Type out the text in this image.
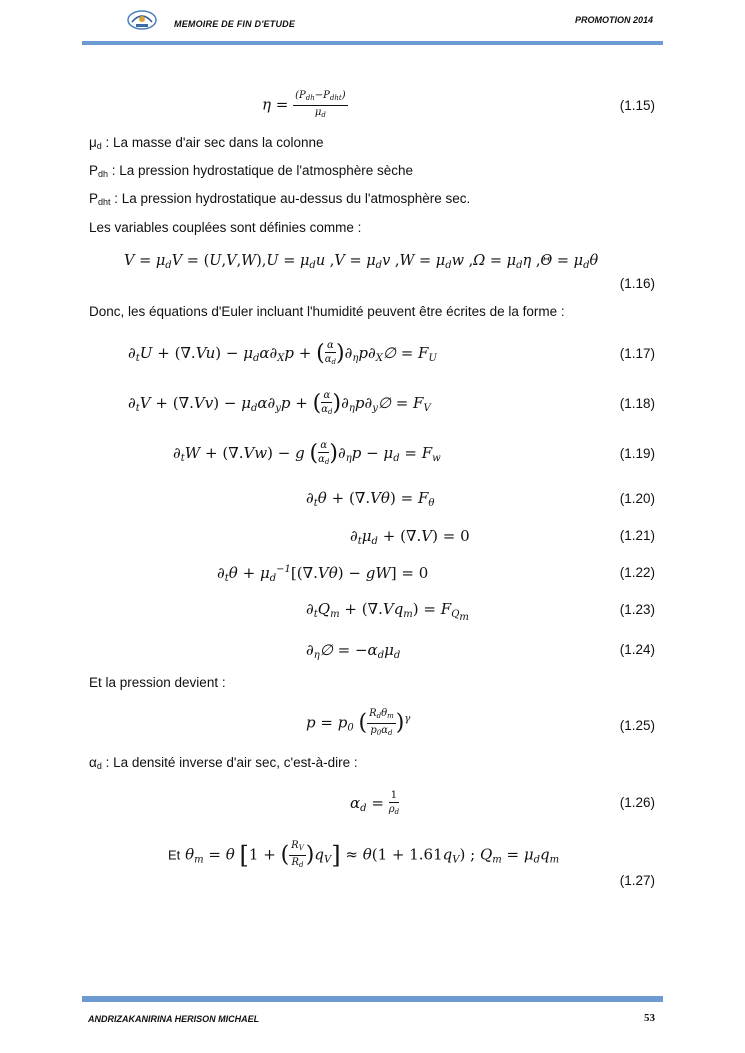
MEMOIRE DE FIN D'ETUDE	PROMOTION 2014
$\eta = \frac{(P_{dh}-P_{dht})}{\mu_d}$	(1.15)
$\mu_d$ : La masse d'air sec dans la colonne
$P_{dh}$ : La pression hydrostatique de l'atmosphère sèche
$P_{dht}$ : La pression hydrostatique au-dessus du l'atmosphère sec.
Les variables couplées sont définies comme :
$V = \mu_dV = (U,V,W),U = \mu_du$ $,V = \mu_dv$ $,W = \mu_dw$ $,\Omega = \mu_d\eta$ $,\Theta = \mu_d\theta$
(1.16)
Donc, les équations d'Euler incluant l'humidité peuvent être écrites de la forme :
$\partial_tU + (\nabla.Vu) - \mu_d\alpha\partial_Xp$ + ( $\frac{\alpha}{\alpha_d}$ )$\partial_\eta p\partial_X\emptyset = F_U$	(1.17)
$\partial_tV + (\nabla.Vv) - \mu_d\alpha\partial_yp$ + ( $\frac{\alpha}{\alpha_d}$ )$\partial_\eta p\partial_y\emptyset = F_V$	(1.18)
$\partial_tW + (\nabla.Vw) - g$ ( $\frac{\alpha}{\alpha_d} )\partial_\eta p - \mu_d = F_w$	(1.19)
$\partial_t\theta + (\nabla.V\theta) = F_\theta$	(1.20)
$\partial_t\mu_d + (\nabla.V) = 0$	(1.21)
$\partial_t\theta + \mu_d^{-1}[(\nabla.V\theta) - gW] = 0$	(1.22)
$\partial_tQ_m + (\nabla.Vq_m) = F_{Q_m}$
(1.23)
$\partial_\eta\emptyset = -\alpha_d\mu_d$	(1.24)
Et la pression devient :
$p = p_0$ ( $\frac{R_d\theta_m}{p_0\alpha_d} )^\gamma$	(1.25)
$\alpha_d$ : La densité inverse d'air sec, c'est-à-dire :
$\alpha_d = \frac{1}{\rho_d}$	(1.26)
Et $\theta_m = \theta$ [1 + ( $\frac{R_V}{R_d} )q_V] \approx \theta(1 + 1.61q_V)$ ; $Q_m = \mu_dq_m$
(1.27)
ANDRIZAKANIRINA HERISON MICHAEL	53
